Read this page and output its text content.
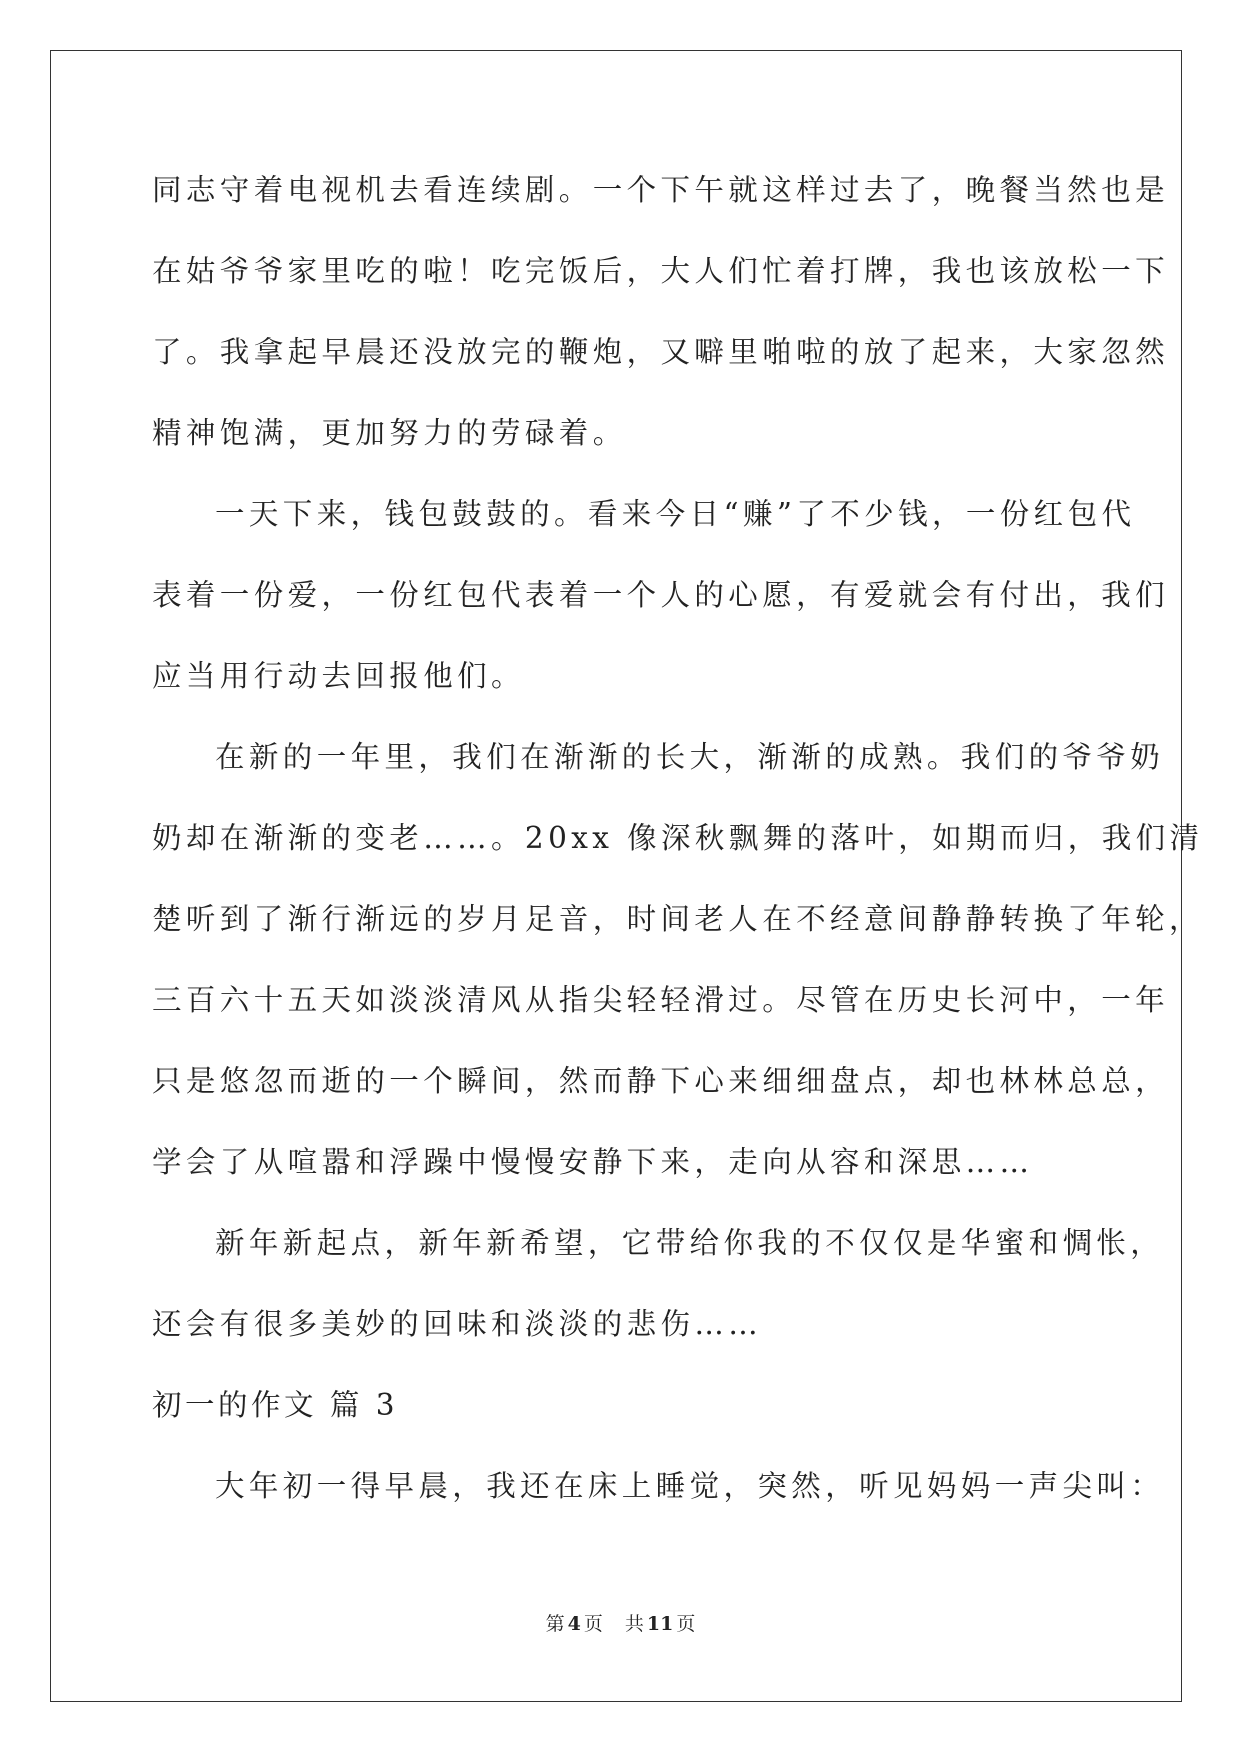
同志守着电视机去看连续剧。一个下午就这样过去了，晚餐当然也是
在姑爷爷家里吃的啦！吃完饭后，大人们忙着打牌，我也该放松一下
了。我拿起早晨还没放完的鞭炮，又噼里啪啦的放了起来，大家忽然
精神饱满，更加努力的劳碌着。
一天下来，钱包鼓鼓的。看来今日“赚”了不少钱，一份红包代
表着一份爱，一份红包代表着一个人的心愿，有爱就会有付出，我们
应当用行动去回报他们。
在新的一年里，我们在渐渐的长大，渐渐的成熟。我们的爷爷奶
奶却在渐渐的变老……。20xx 像深秋飘舞的落叶，如期而归，我们清
楚听到了渐行渐远的岁月足音，时间老人在不经意间静静转换了年轮，
三百六十五天如淡淡清风从指尖轻轻滑过。尽管在历史长河中，一年
只是悠忽而逝的一个瞬间，然而静下心来细细盘点，却也林林总总，
学会了从喧嚣和浮躁中慢慢安静下来，走向从容和深思……
新年新起点，新年新希望，它带给你我的不仅仅是华蜜和惆怅，
还会有很多美妙的回味和淡淡的悲伤……
初一的作文 篇 3
大年初一得早晨，我还在床上睡觉，突然，听见妈妈一声尖叫：
第 4 页 共 11 页
